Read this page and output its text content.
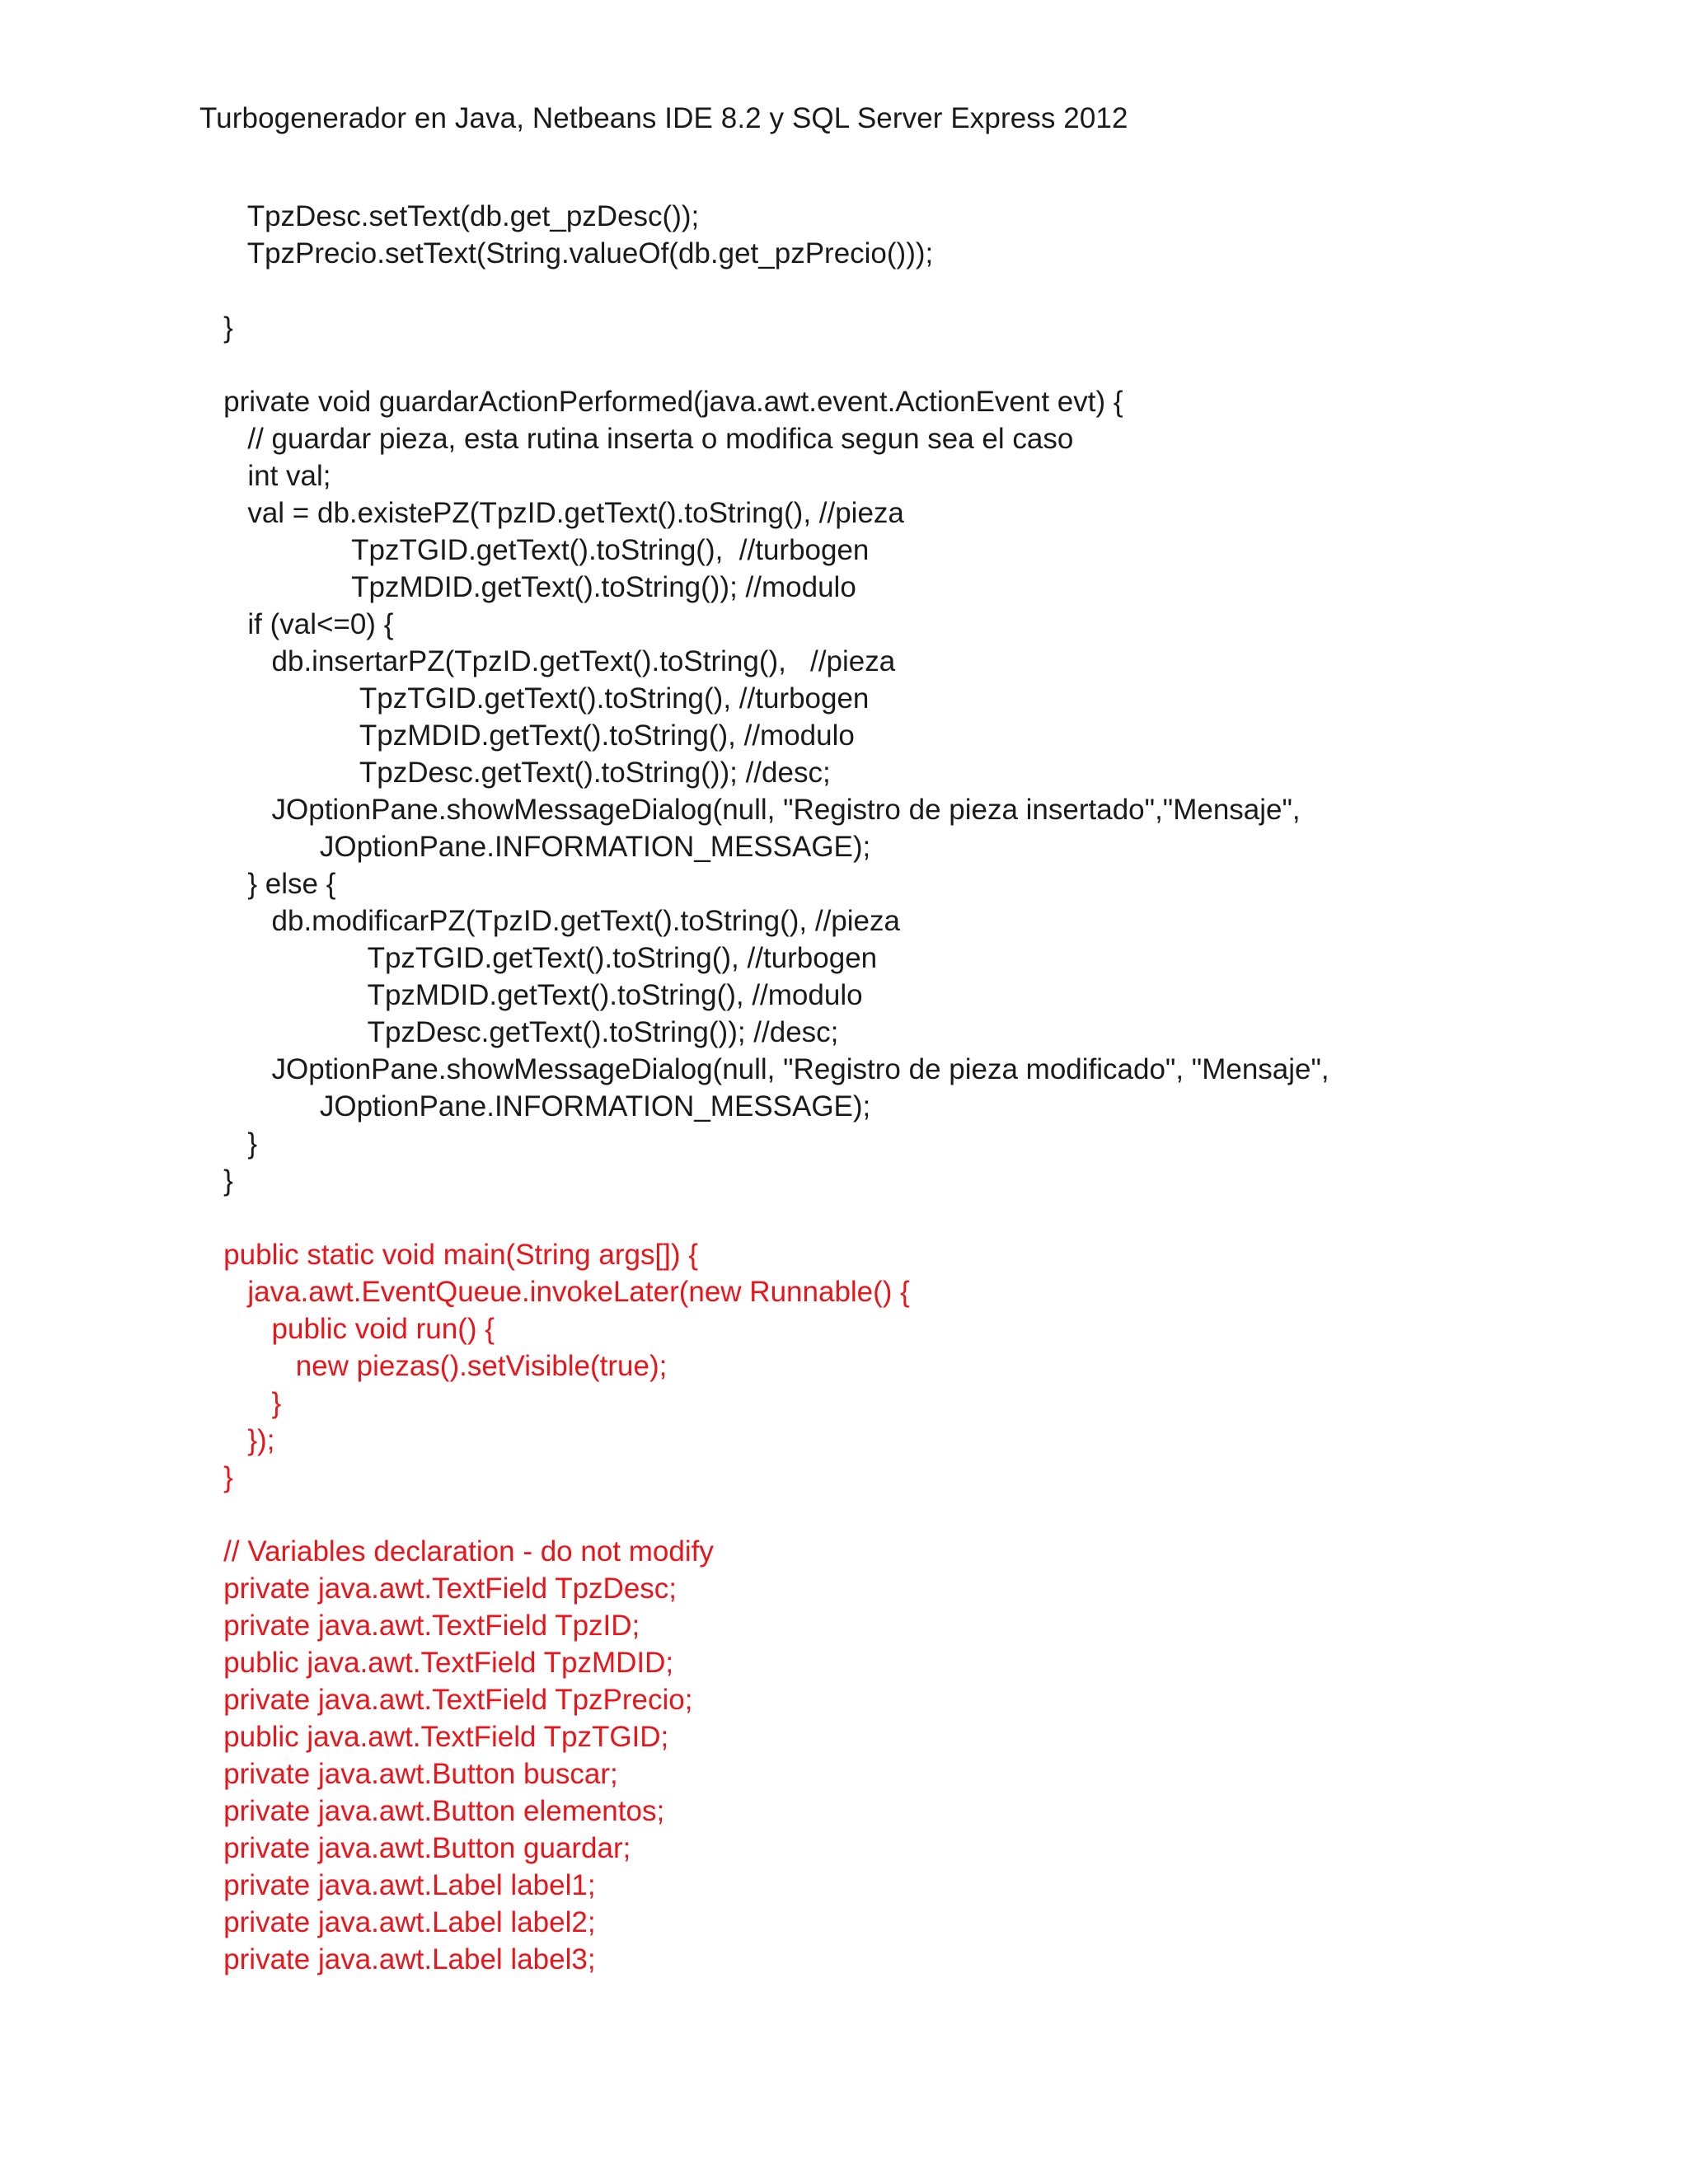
Turbogenerador en Java, Netbeans IDE 8.2 y SQL Server Express 2012
TpzDesc.setText(db.get_pzDesc());
TpzPrecio.setText(String.valueOf(db.get_pzPrecio()));
}
private void guardarActionPerformed(java.awt.event.ActionEvent evt) {
// guardar pieza, esta rutina inserta o modifica segun sea el caso
int val;
val = db.existePZ(TpzID.getText().toString(), //pieza
TpzTGID.getText().toString(),  //turbogen
TpzMDID.getText().toString()); //modulo
if (val<=0) {
db.insertarPZ(TpzID.getText().toString(),   //pieza
TpzTGID.getText().toString(), //turbogen
TpzMDID.getText().toString(), //modulo
TpzDesc.getText().toString()); //desc;
JOptionPane.showMessageDialog(null, "Registro de pieza insertado","Mensaje",
JOptionPane.INFORMATION_MESSAGE);
} else {
db.modificarPZ(TpzID.getText().toString(), //pieza
TpzTGID.getText().toString(), //turbogen
TpzMDID.getText().toString(), //modulo
TpzDesc.getText().toString()); //desc;
JOptionPane.showMessageDialog(null, "Registro de pieza modificado", "Mensaje",
JOptionPane.INFORMATION_MESSAGE);
}
}
public static void main(String args[]) {
java.awt.EventQueue.invokeLater(new Runnable() {
public void run() {
new piezas().setVisible(true);
}
});
}
// Variables declaration - do not modify
private java.awt.TextField TpzDesc;
private java.awt.TextField TpzID;
public java.awt.TextField TpzMDID;
private java.awt.TextField TpzPrecio;
public java.awt.TextField TpzTGID;
private java.awt.Button buscar;
private java.awt.Button elementos;
private java.awt.Button guardar;
private java.awt.Label label1;
private java.awt.Label label2;
private java.awt.Label label3;
